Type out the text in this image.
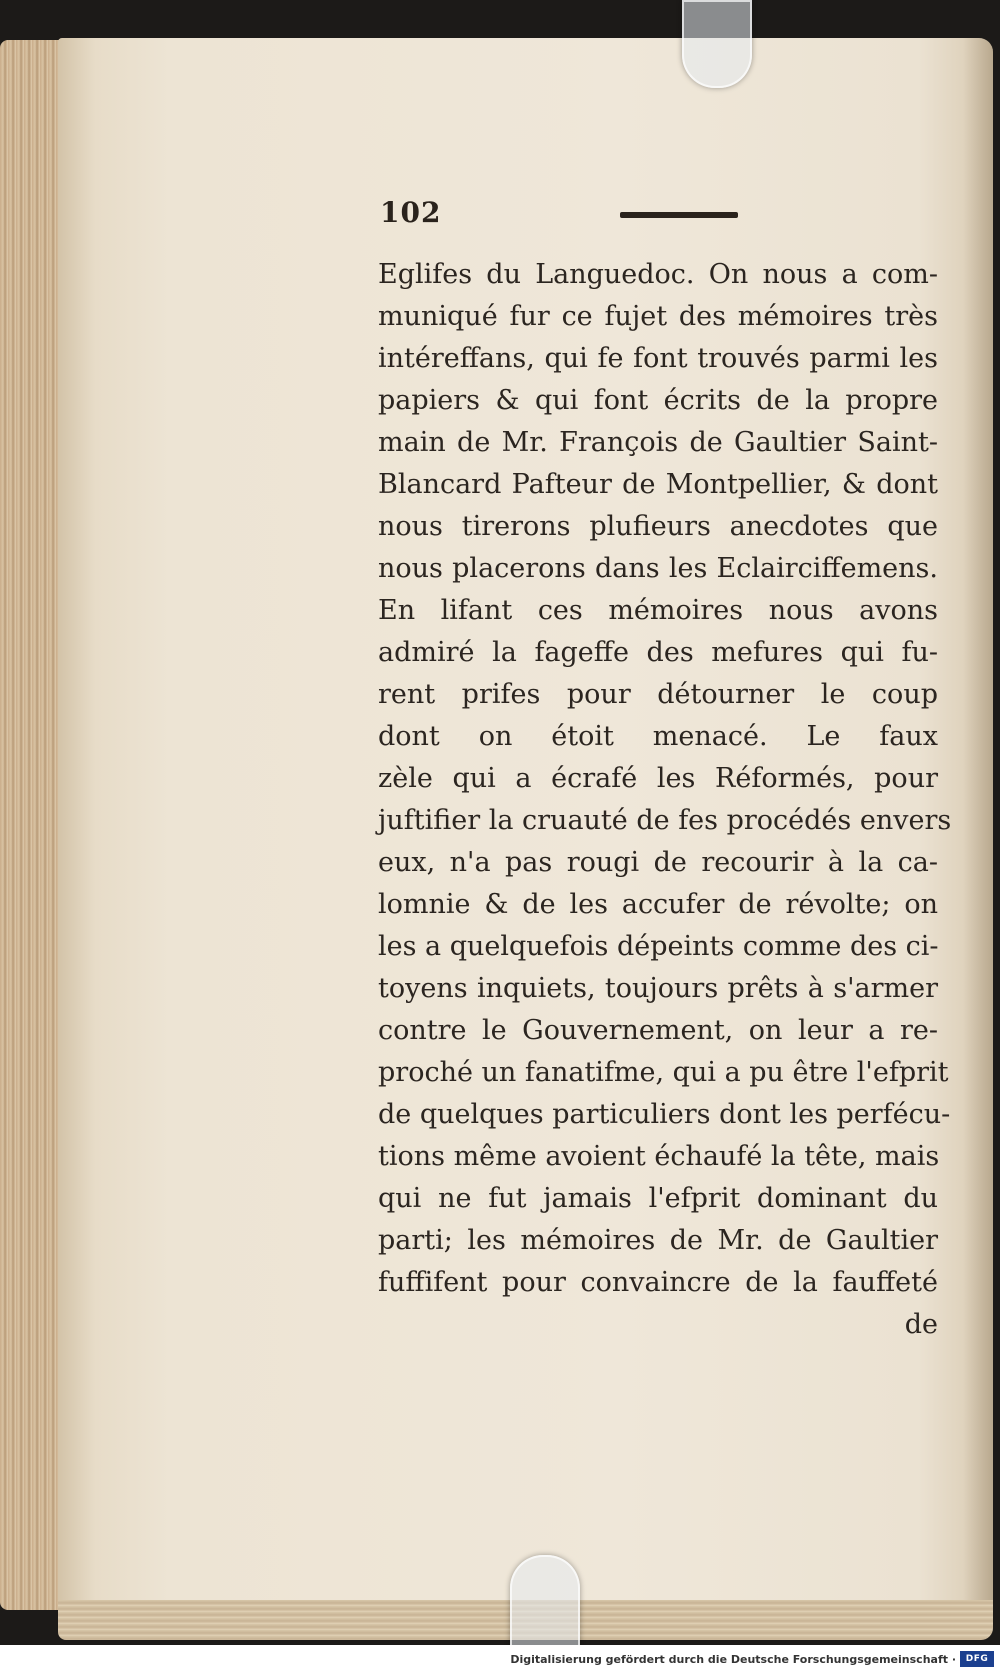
102
Eglifes du Languedoc. On nous a com-
muniqué fur ce fujet des mémoires très
intéreffans, qui fe font trouvés parmi les
papiers & qui font écrits de la propre
main de Mr. François de Gaultier Saint-
Blancard Pafteur de Montpellier, & dont
nous tirerons plufieurs anecdotes que
nous placerons dans les Eclairciffemens.
En lifant ces mémoires nous avons
admiré la fageffe des mefures qui fu-
rent prifes pour détourner le coup
dont on étoit menacé. Le faux
zèle qui a écrafé les Réformés, pour
juftifier la cruauté de fes procédés envers
eux, n'a pas rougi de recourir à la ca-
lomnie & de les accufer de révolte; on
les a quelquefois dépeints comme des ci-
toyens inquiets, toujours prêts à s'armer
contre le Gouvernement, on leur a re-
proché un fanatifme, qui a pu être l'efprit
de quelques particuliers dont les perfécu-
tions même avoient échaufé la tête, mais
qui ne fut jamais l'efprit dominant du
parti; les mémoires de Mr. de Gaultier
fuffifent pour convaincre de la fauffeté
de
Digitalisierung gefördert durch die Deutsche Forschungsgemeinschaft ·	DFG
